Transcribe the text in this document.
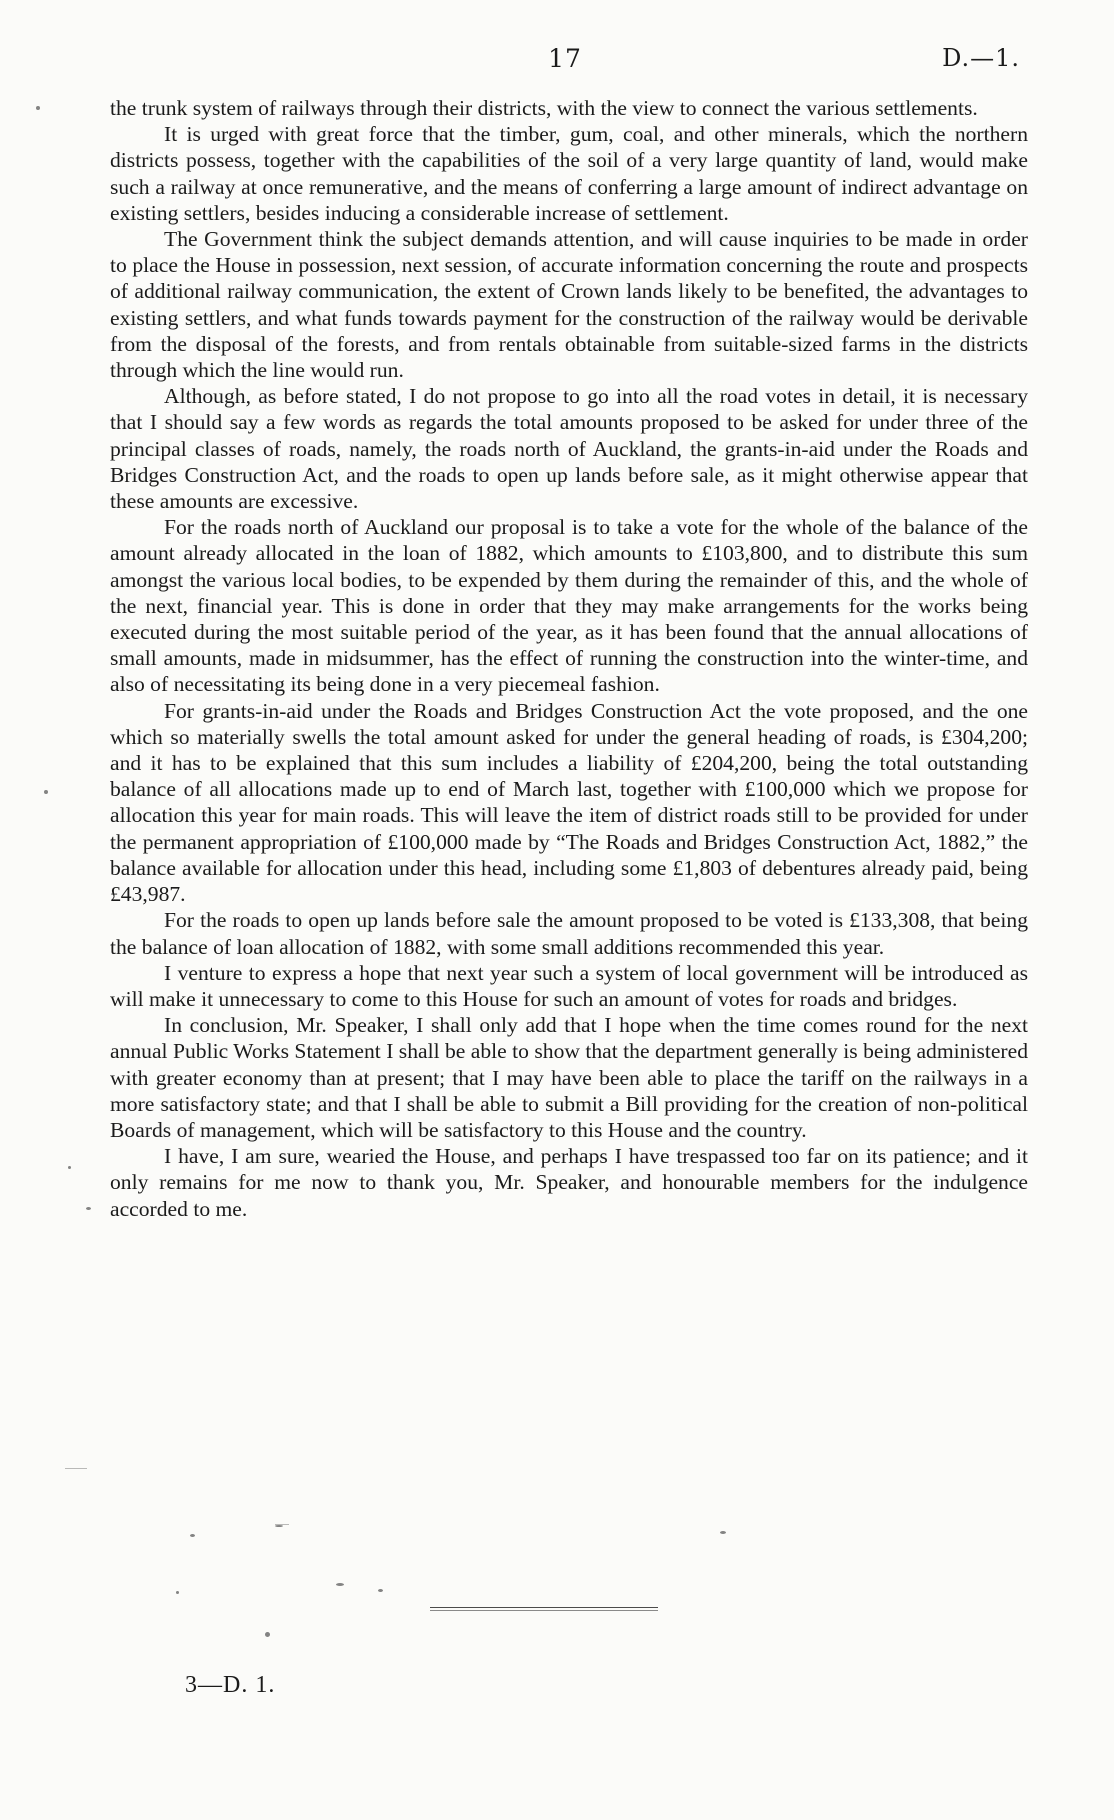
17	D.—1.

the trunk system of railways through their districts, with the view to connect the various settlements.

It is urged with great force that the timber, gum, coal, and other minerals, which the northern districts possess, together with the capabilities of the soil of a very large quantity of land, would make such a railway at once remunerative, and the means of conferring a large amount of indirect advantage on existing settlers, besides inducing a considerable increase of settlement.

The Government think the subject demands attention, and will cause inquiries to be made in order to place the House in possession, next session, of accurate information concerning the route and prospects of additional railway communication, the extent of Crown lands likely to be benefited, the advantages to existing settlers, and what funds towards payment for the construction of the railway would be derivable from the disposal of the forests, and from rentals obtainable from suitable-sized farms in the districts through which the line would run.

Although, as before stated, I do not propose to go into all the road votes in detail, it is necessary that I should say a few words as regards the total amounts proposed to be asked for under three of the principal classes of roads, namely, the roads north of Auckland, the grants-in-aid under the Roads and Bridges Construction Act, and the roads to open up lands before sale, as it might otherwise appear that these amounts are excessive.

For the roads north of Auckland our proposal is to take a vote for the whole of the balance of the amount already allocated in the loan of 1882, which amounts to £103,800, and to distribute this sum amongst the various local bodies, to be expended by them during the remainder of this, and the whole of the next, financial year. This is done in order that they may make arrangements for the works being executed during the most suitable period of the year, as it has been found that the annual allocations of small amounts, made in midsummer, has the effect of running the construction into the winter-time, and also of necessitating its being done in a very piecemeal fashion.

For grants-in-aid under the Roads and Bridges Construction Act the vote proposed, and the one which so materially swells the total amount asked for under the general heading of roads, is £304,200; and it has to be explained that this sum includes a liability of £204,200, being the total outstanding balance of all allocations made up to end of March last, together with £100,000 which we propose for allocation this year for main roads. This will leave the item of district roads still to be provided for under the permanent appropriation of £100,000 made by “The Roads and Bridges Construction Act, 1882,” the balance available for allocation under this head, including some £1,803 of debentures already paid, being £43,987.

For the roads to open up lands before sale the amount proposed to be voted is £133,308, that being the balance of loan allocation of 1882, with some small additions recommended this year.

I venture to express a hope that next year such a system of local government will be introduced as will make it unnecessary to come to this House for such an amount of votes for roads and bridges.

In conclusion, Mr. Speaker, I shall only add that I hope when the time comes round for the next annual Public Works Statement I shall be able to show that the department generally is being administered with greater economy than at present; that I may have been able to place the tariff on the railways in a more satisfactory state; and that I shall be able to submit a Bill providing for the creation of non-political Boards of management, which will be satisfactory to this House and the country.

I have, I am sure, wearied the House, and perhaps I have trespassed too far on its patience; and it only remains for me now to thank you, Mr. Speaker, and honourable members for the indulgence accorded to me.

3—D. 1.
